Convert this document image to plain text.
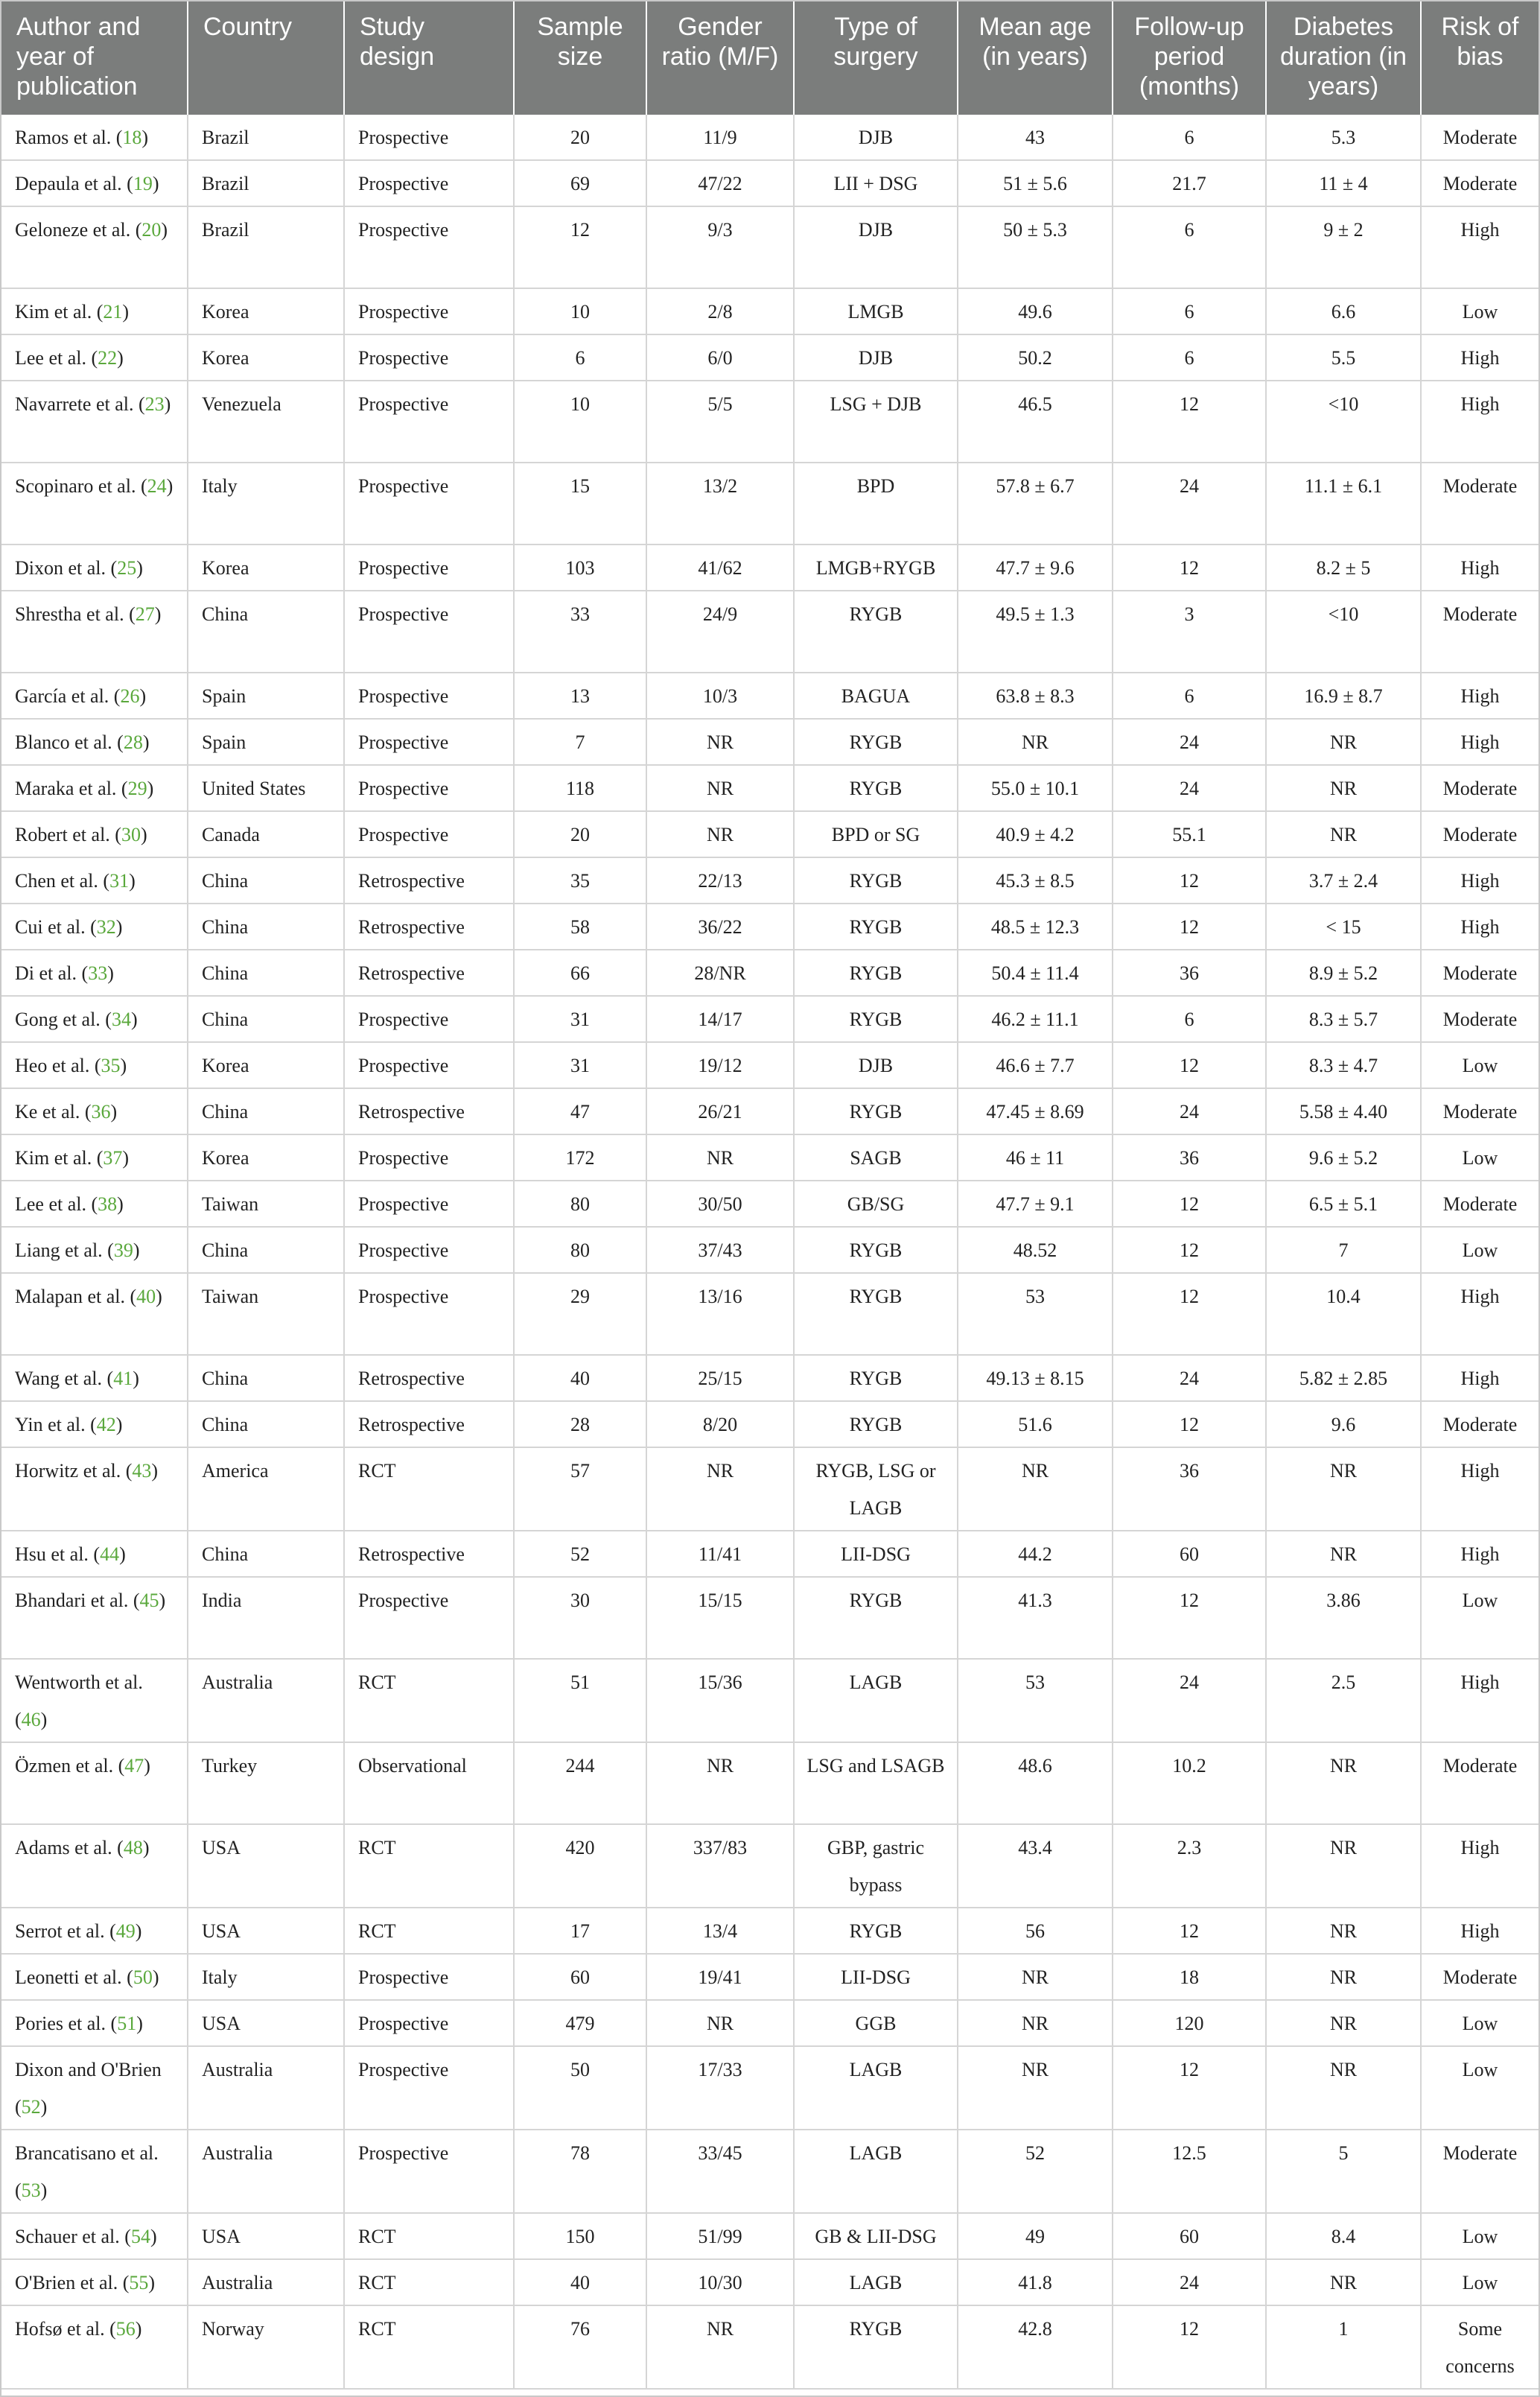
Author and year of publication	Country	Study design	Sample size	Gender ratio (M/F)	Type of surgery	Mean age (in years)	Follow-up period (months)	Diabetes duration (in years)	Risk of bias
Ramos et al. (18)	Brazil	Prospective	20	11/9	DJB	43	6	5.3	Moderate
Depaula et al. (19)	Brazil	Prospective	69	47/22	LII + DSG	51 ± 5.6	21.7	11 ± 4	Moderate
Geloneze et al. (20)	Brazil	Prospective	12	9/3	DJB	50 ± 5.3	6	9 ± 2	High
Kim et al. (21)	Korea	Prospective	10	2/8	LMGB	49.6	6	6.6	Low
Lee et al. (22)	Korea	Prospective	6	6/0	DJB	50.2	6	5.5	High
Navarrete et al. (23)	Venezuela	Prospective	10	5/5	LSG + DJB	46.5	12	<10	High
Scopinaro et al. (24)	Italy	Prospective	15	13/2	BPD	57.8 ± 6.7	24	11.1 ± 6.1	Moderate
Dixon et al. (25)	Korea	Prospective	103	41/62	LMGB+RYGB	47.7 ± 9.6	12	8.2 ± 5	High
Shrestha et al. (27)	China	Prospective	33	24/9	RYGB	49.5 ± 1.3	3	<10	Moderate
García et al. (26)	Spain	Prospective	13	10/3	BAGUA	63.8 ± 8.3	6	16.9 ± 8.7	High
Blanco et al. (28)	Spain	Prospective	7	NR	RYGB	NR	24	NR	High
Maraka et al. (29)	United States	Prospective	118	NR	RYGB	55.0 ± 10.1	24	NR	Moderate
Robert et al. (30)	Canada	Prospective	20	NR	BPD or SG	40.9 ± 4.2	55.1	NR	Moderate
Chen et al. (31)	China	Retrospective	35	22/13	RYGB	45.3 ± 8.5	12	3.7 ± 2.4	High
Cui et al. (32)	China	Retrospective	58	36/22	RYGB	48.5 ± 12.3	12	< 15	High
Di et al. (33)	China	Retrospective	66	28/NR	RYGB	50.4 ± 11.4	36	8.9 ± 5.2	Moderate
Gong et al. (34)	China	Prospective	31	14/17	RYGB	46.2 ± 11.1	6	8.3 ± 5.7	Moderate
Heo et al. (35)	Korea	Prospective	31	19/12	DJB	46.6 ± 7.7	12	8.3 ± 4.7	Low
Ke et al. (36)	China	Retrospective	47	26/21	RYGB	47.45 ± 8.69	24	5.58 ± 4.40	Moderate
Kim et al. (37)	Korea	Prospective	172	NR	SAGB	46 ± 11	36	9.6 ± 5.2	Low
Lee et al. (38)	Taiwan	Prospective	80	30/50	GB/SG	47.7 ± 9.1	12	6.5 ± 5.1	Moderate
Liang et al. (39)	China	Prospective	80	37/43	RYGB	48.52	12	7	Low
Malapan et al. (40)	Taiwan	Prospective	29	13/16	RYGB	53	12	10.4	High
Wang et al. (41)	China	Retrospective	40	25/15	RYGB	49.13 ± 8.15	24	5.82 ± 2.85	High
Yin et al. (42)	China	Retrospective	28	8/20	RYGB	51.6	12	9.6	Moderate
Horwitz et al. (43)	America	RCT	57	NR	RYGB, LSG or LAGB	NR	36	NR	High
Hsu et al. (44)	China	Retrospective	52	11/41	LII-DSG	44.2	60	NR	High
Bhandari et al. (45)	India	Prospective	30	15/15	RYGB	41.3	12	3.86	Low
Wentworth et al. (46)	Australia	RCT	51	15/36	LAGB	53	24	2.5	High
Özmen et al. (47)	Turkey	Observational	244	NR	LSG and LSAGB	48.6	10.2	NR	Moderate
Adams et al. (48)	USA	RCT	420	337/83	GBP, gastric bypass	43.4	2.3	NR	High
Serrot et al. (49)	USA	RCT	17	13/4	RYGB	56	12	NR	High
Leonetti et al. (50)	Italy	Prospective	60	19/41	LII-DSG	NR	18	NR	Moderate
Pories et al. (51)	USA	Prospective	479	NR	GGB	NR	120	NR	Low
Dixon and O'Brien (52)	Australia	Prospective	50	17/33	LAGB	NR	12	NR	Low
Brancatisano et al. (53)	Australia	Prospective	78	33/45	LAGB	52	12.5	5	Moderate
Schauer et al. (54)	USA	RCT	150	51/99	GB & LII-DSG	49	60	8.4	Low
O'Brien et al. (55)	Australia	RCT	40	10/30	LAGB	41.8	24	NR	Low
Hofsø et al. (56)	Norway	RCT	76	NR	RYGB	42.8	12	1	Some concerns
